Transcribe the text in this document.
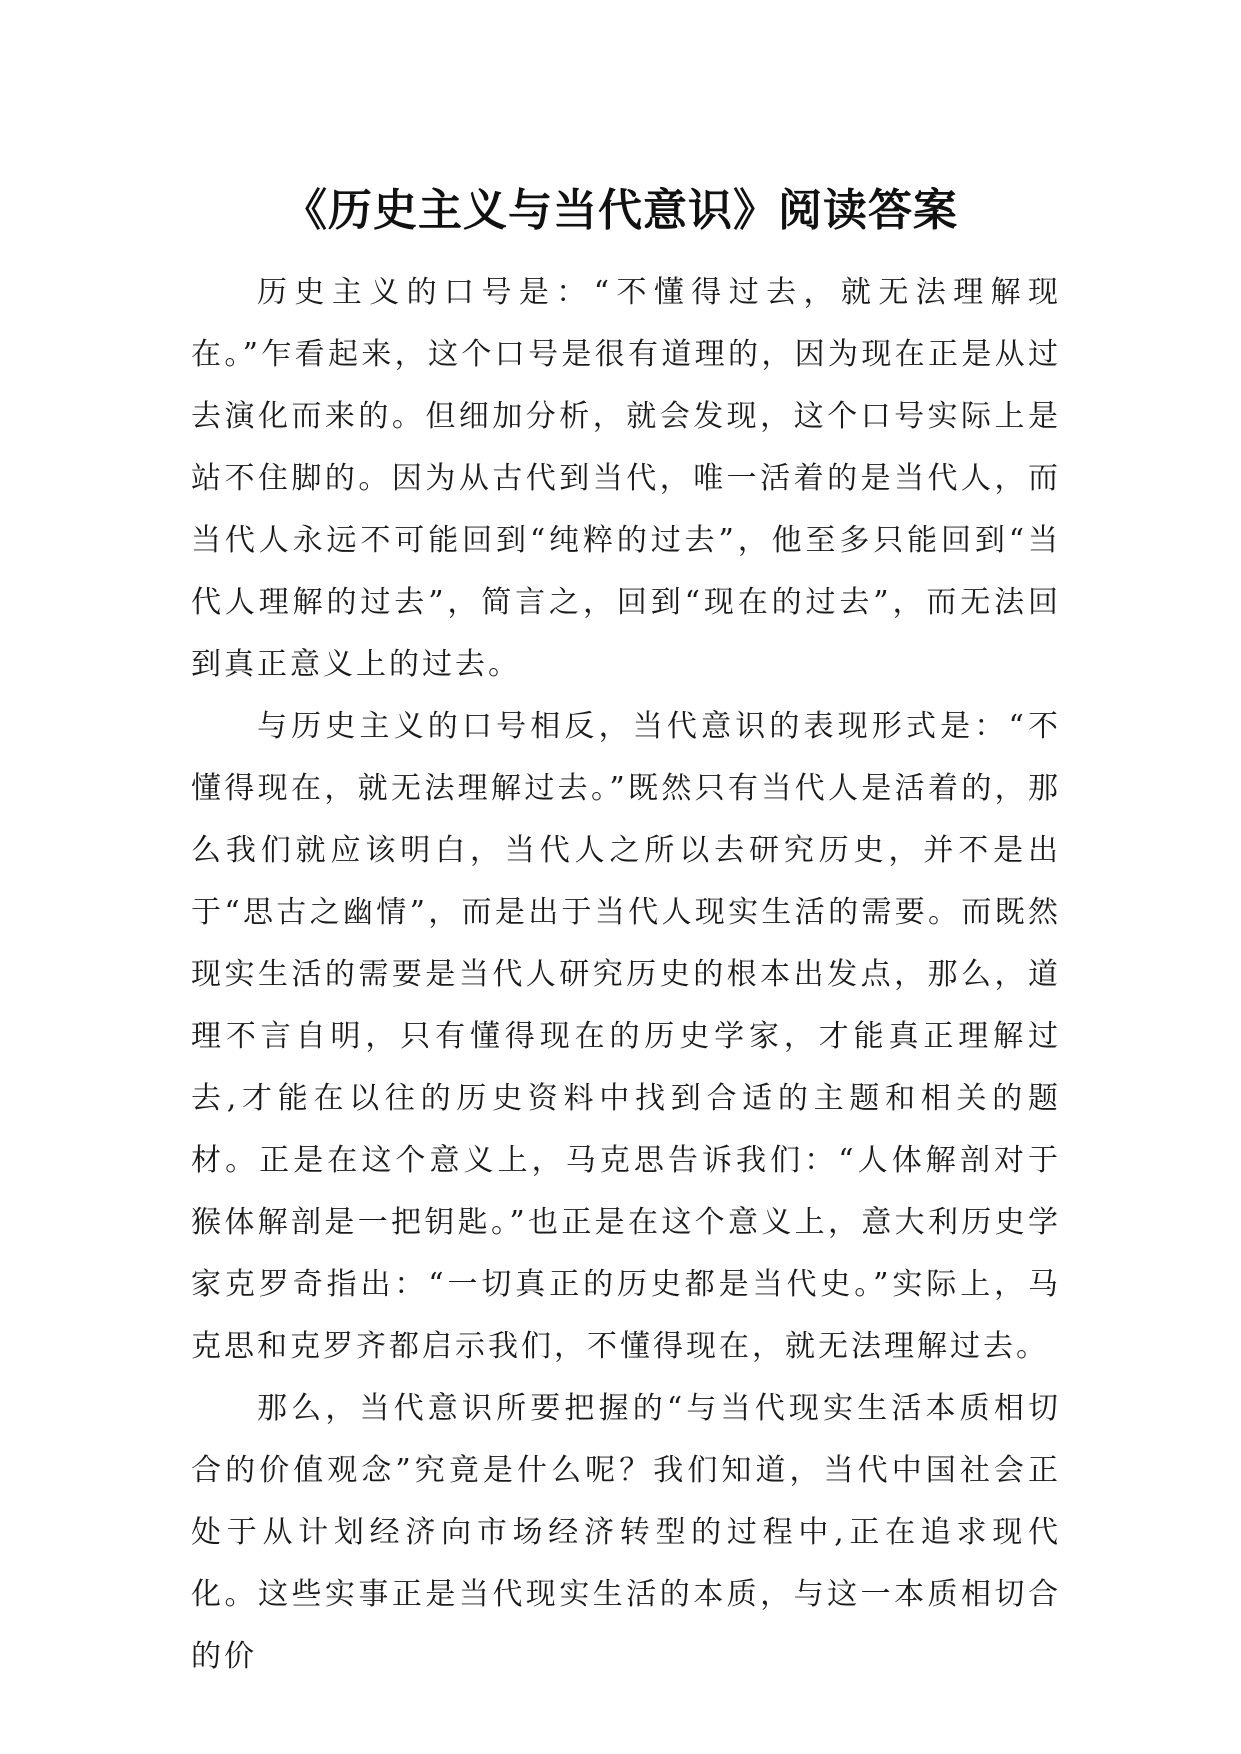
《历史主义与当代意识》阅读答案

历史主义的口号是：“不懂得过去，就无法理解现在。”乍看起来，这个口号是很有道理的，因为现在正是从过去演化而来的。但细加分析，就会发现，这个口号实际上是站不住脚的。因为从古代到当代，唯一活着的是当代人，而当代人永远不可能回到“纯粹的过去”，他至多只能回到“当代人理解的过去”，简言之，回到“现在的过去”，而无法回到真正意义上的过去。

与历史主义的口号相反，当代意识的表现形式是：“不懂得现在，就无法理解过去。”既然只有当代人是活着的，那么我们就应该明白，当代人之所以去研究历史，并不是出于“思古之幽情”，而是出于当代人现实生活的需要。而既然现实生活的需要是当代人研究历史的根本出发点，那么，道理不言自明，只有懂得现在的历史学家，才能真正理解过去,才能在以往的历史资料中找到合适的主题和相关的题材。正是在这个意义上，马克思告诉我们：“人体解剖对于猴体解剖是一把钥匙。”也正是在这个意义上，意大利历史学家克罗奇指出：“一切真正的历史都是当代史。”实际上，马克思和克罗齐都启示我们，不懂得现在，就无法理解过去。

那么，当代意识所要把握的“与当代现实生活本质相切合的价值观念”究竟是什么呢？我们知道，当代中国社会正处于从计划经济向市场经济转型的过程中,正在追求现代化。这些实事正是当代现实生活的本质，与这一本质相切合的价
